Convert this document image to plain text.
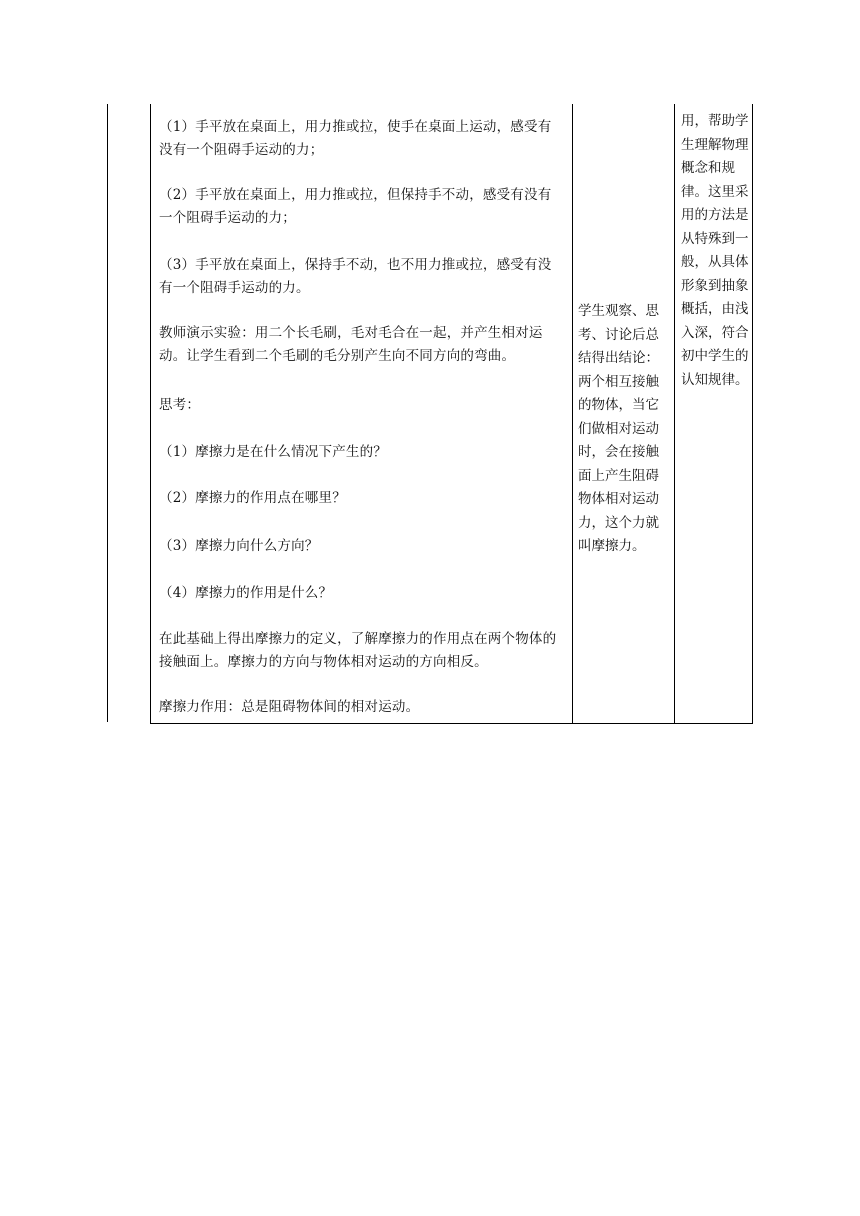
（1）手平放在桌面上，用力推或拉，使手在桌面上运动，感受有没有一个阻碍手运动的力；
（2）手平放在桌面上，用力推或拉，但保持手不动，感受有没有一个阻碍手运动的力；
（3）手平放在桌面上，保持手不动，也不用力推或拉，感受有没有一个阻碍手运动的力。
教师演示实验：用二个长毛刷，毛对毛合在一起，并产生相对运动。让学生看到二个毛刷的毛分别产生向不同方向的弯曲。
思考：
（1）摩擦力是在什么情况下产生的？
（2）摩擦力的作用点在哪里？
（3）摩擦力向什么方向？
（4）摩擦力的作用是什么？
在此基础上得出摩擦力的定义，了解摩擦力的作用点在两个物体的接触面上。摩擦力的方向与物体相对运动的方向相反。
摩擦力作用：总是阻碍物体间的相对运动。
学生观察、思考、讨论后总结得出结论：两个相互接触的物体，当它们做相对运动时，会在接触面上产生阻碍物体相对运动力，这个力就叫摩擦力。
用，帮助学生理解物理概念和规律。这里采用的方法是从特殊到一般，从具体形象到抽象概括，由浅入深，符合初中学生的认知规律。
